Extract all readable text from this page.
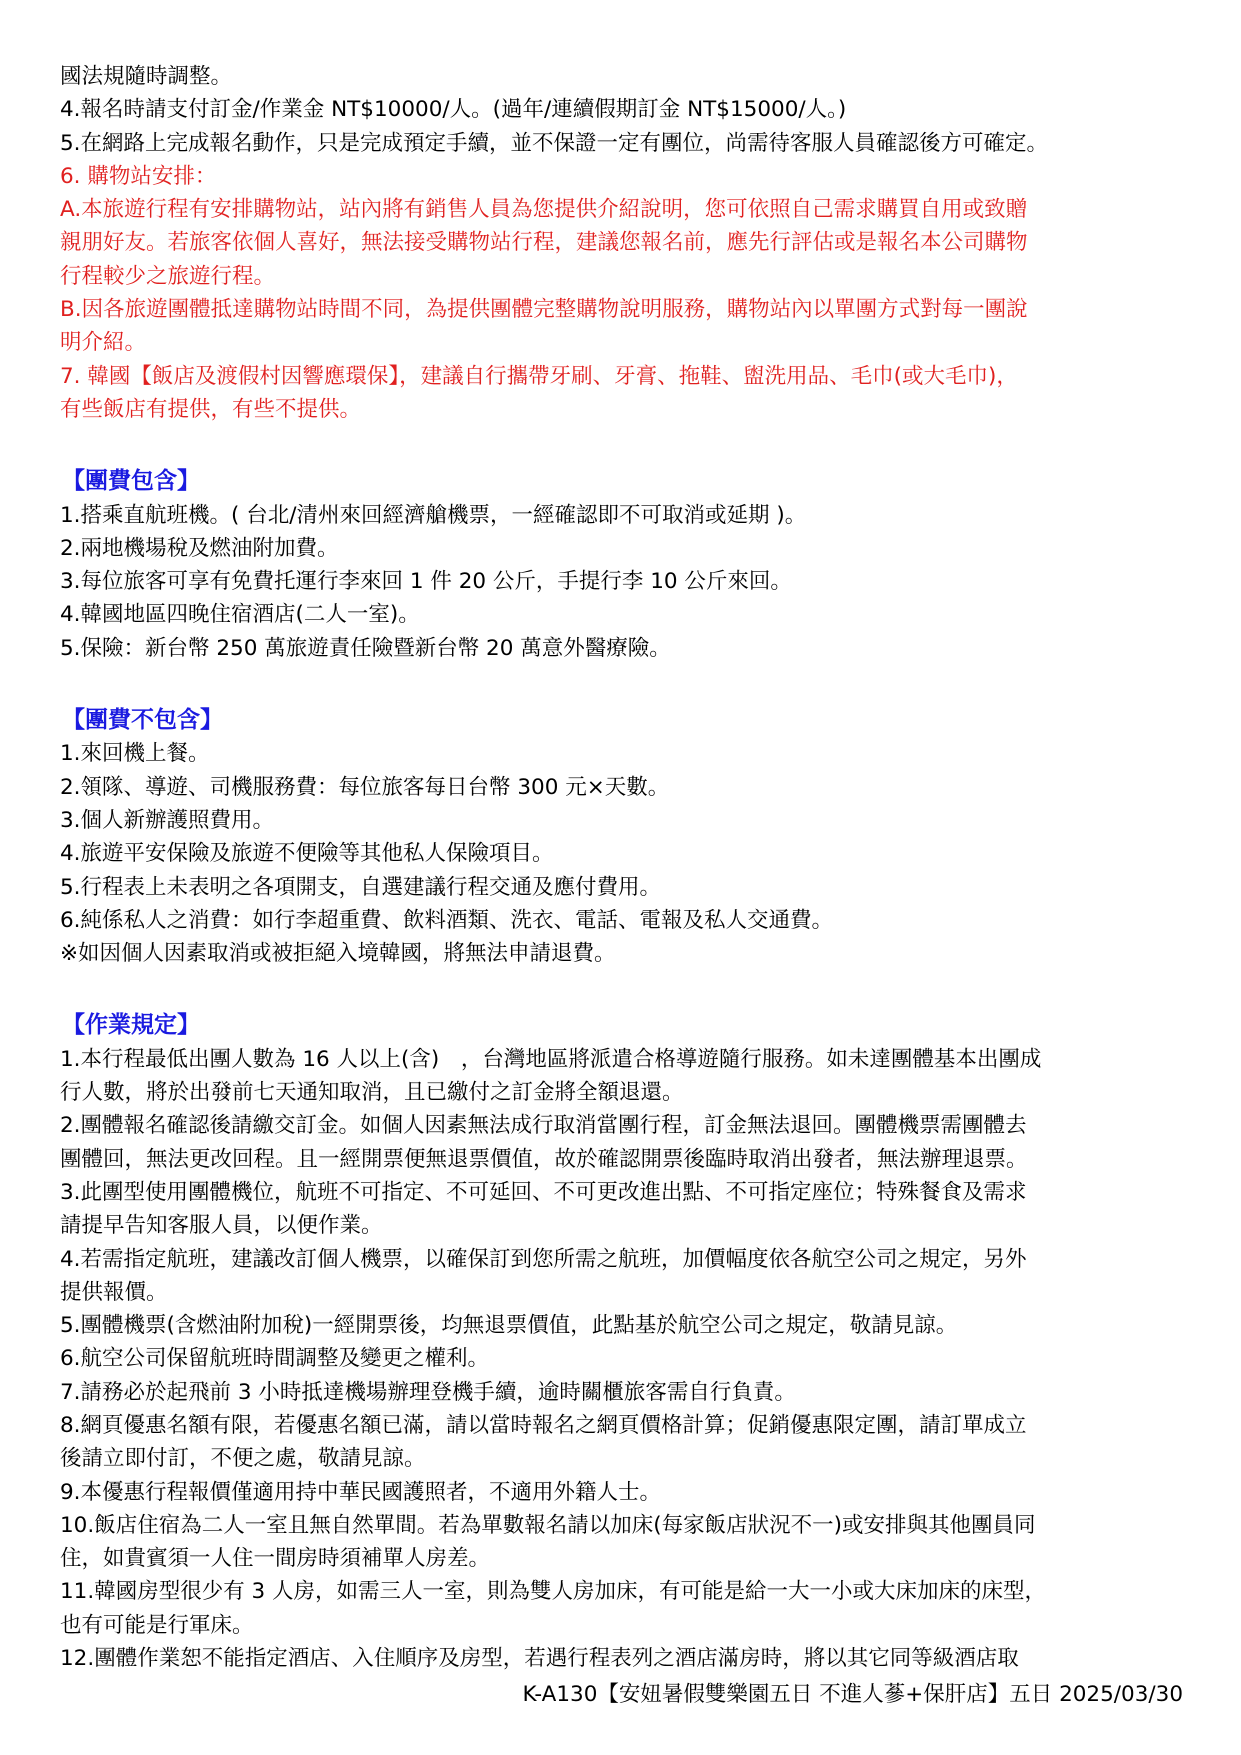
國法規隨時調整。

4.報名時請支付訂金/作業金 NT$10000/人。(過年/連續假期訂金 NT$15000/人。)

5.在網路上完成報名動作，只是完成預定手續，並不保證一定有團位，尚需待客服人員確認後方可確定。

6. 購物站安排：

A.本旅遊行程有安排購物站，站內將有銷售人員為您提供介紹說明，您可依照自己需求購買自用或致贈

親朋好友。若旅客依個人喜好，無法接受購物站行程，建議您報名前，應先行評估或是報名本公司購物

行程較少之旅遊行程。

B.因各旅遊團體抵達購物站時間不同，為提供團體完整購物說明服務，購物站內以單團方式對每一團說

明介紹。

7. 韓國【飯店及渡假村因響應環保】，建議自行攜帶牙刷、牙膏、拖鞋、盥洗用品、毛巾(或大毛巾)，

有些飯店有提供，有些不提供。

【團費包含】

1.搭乘直航班機。( 台北/清州來回經濟艙機票，一經確認即不可取消或延期 )。

2.兩地機場稅及燃油附加費。

3.每位旅客可享有免費托運行李來回 1 件 20 公斤，手提行李 10 公斤來回。

4.韓國地區四晚住宿酒店(二人一室)。

5.保險：新台幣 250 萬旅遊責任險暨新台幣 20 萬意外醫療險。

【團費不包含】

1.來回機上餐。

2.領隊、導遊、司機服務費：每位旅客每日台幣 300 元×天數。

3.個人新辦護照費用。

4.旅遊平安保險及旅遊不便險等其他私人保險項目。

5.行程表上未表明之各項開支，自選建議行程交通及應付費用。

6.純係私人之消費：如行李超重費、飲料酒類、洗衣、電話、電報及私人交通費。

※如因個人因素取消或被拒絕入境韓國，將無法申請退費。

【作業規定】

1.本行程最低出團人數為 16 人以上(含)　，台灣地區將派遣合格導遊隨行服務。如未達團體基本出團成

行人數，將於出發前七天通知取消，且已繳付之訂金將全額退還。

2.團體報名確認後請繳交訂金。如個人因素無法成行取消當團行程，訂金無法退回。團體機票需團體去

團體回，無法更改回程。且一經開票便無退票價值，故於確認開票後臨時取消出發者，無法辦理退票。

3.此團型使用團體機位，航班不可指定、不可延回、不可更改進出點、不可指定座位；特殊餐食及需求

請提早告知客服人員，以便作業。

4.若需指定航班，建議改訂個人機票，以確保訂到您所需之航班，加價幅度依各航空公司之規定，另外

提供報價。

5.團體機票(含燃油附加稅)一經開票後，均無退票價值，此點基於航空公司之規定，敬請見諒。

6.航空公司保留航班時間調整及變更之權利。

7.請務必於起飛前 3 小時抵達機場辦理登機手續，逾時關櫃旅客需自行負責。

8.網頁優惠名額有限，若優惠名額已滿，請以當時報名之網頁價格計算；促銷優惠限定團，請訂單成立

後請立即付訂，不便之處，敬請見諒。

9.本優惠行程報價僅適用持中華民國護照者，不適用外籍人士。

10.飯店住宿為二人一室且無自然單間。若為單數報名請以加床(每家飯店狀況不一)或安排與其他團員同

住，如貴賓須一人住一間房時須補單人房差。

11.韓國房型很少有 3 人房，如需三人一室，則為雙人房加床，有可能是給一大一小或大床加床的床型，

也有可能是行軍床。

12.團體作業恕不能指定酒店、入住順序及房型，若遇行程表列之酒店滿房時，將以其它同等級酒店取

K-A130【安妞暑假雙樂園五日 不進人蔘+保肝店】五日 2025/03/30
